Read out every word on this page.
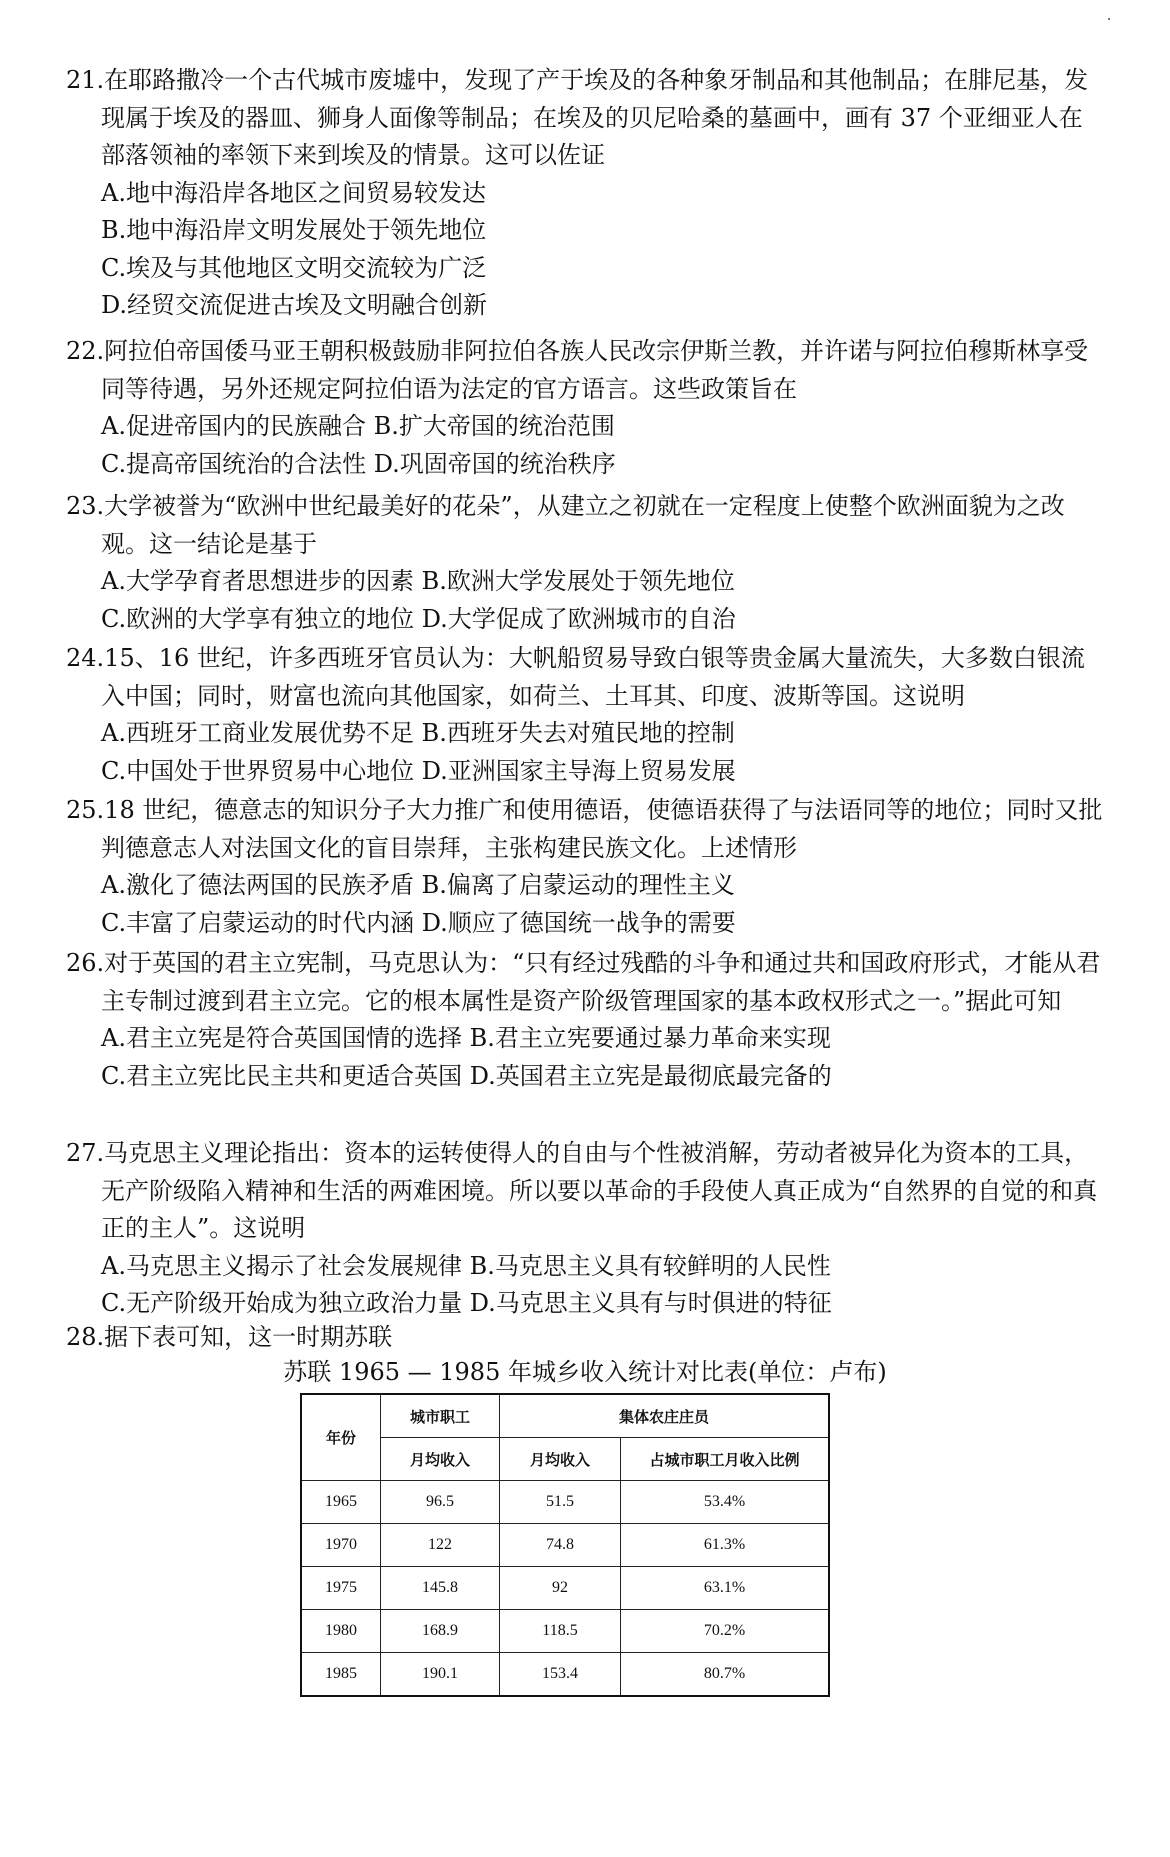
21.在耶路撒冷一个古代城市废墟中，发现了产于埃及的各种象牙制品和其他制品；在腓尼基，发现属于埃及的器皿、狮身人面像等制品；在埃及的贝尼哈桑的墓画中，画有 37 个亚细亚人在部落领袖的率领下来到埃及的情景。这可以佐证

A.地中海沿岸各地区之间贸易较发达

B.地中海沿岸文明发展处于领先地位

C.埃及与其他地区文明交流较为广泛

D.经贸交流促进古埃及文明融合创新

22.阿拉伯帝国倭马亚王朝积极鼓励非阿拉伯各族人民改宗伊斯兰教，并许诺与阿拉伯穆斯林享受同等待遇，另外还规定阿拉伯语为法定的官方语言。这些政策旨在

A.促进帝国内的民族融合 B.扩大帝国的统治范围

C.提高帝国统治的合法性 D.巩固帝国的统治秩序

23.大学被誉为“欧洲中世纪最美好的花朵”，从建立之初就在一定程度上使整个欧洲面貌为之改观。这一结论是基于

A.大学孕育者思想进步的因素 B.欧洲大学发展处于领先地位

C.欧洲的大学享有独立的地位 D.大学促成了欧洲城市的自治

24.15、16 世纪，许多西班牙官员认为：大帆船贸易导致白银等贵金属大量流失，大多数白银流入中国；同时，财富也流向其他国家，如荷兰、土耳其、印度、波斯等国。这说明

A.西班牙工商业发展优势不足 B.西班牙失去对殖民地的控制

C.中国处于世界贸易中心地位 D.亚洲国家主导海上贸易发展

25.18 世纪，德意志的知识分子大力推广和使用德语，使德语获得了与法语同等的地位；同时又批判德意志人对法国文化的盲目崇拜，主张构建民族文化。上述情形

A.激化了德法两国的民族矛盾 B.偏离了启蒙运动的理性主义

C.丰富了启蒙运动的时代内涵 D.顺应了德国统一战争的需要

26.对于英国的君主立宪制，马克思认为：“只有经过残酷的斗争和通过共和国政府形式，才能从君主专制过渡到君主立完。它的根本属性是资产阶级管理国家的基本政权形式之一。”据此可知

A.君主立宪是符合英国国情的选择 B.君主立宪要通过暴力革命来实现

C.君主立宪比民主共和更适合英国 D.英国君主立宪是最彻底最完备的

27.马克思主义理论指出：资本的运转使得人的自由与个性被消解，劳动者被异化为资本的工具，无产阶级陷入精神和生活的两难困境。所以要以革命的手段使人真正成为“自然界的自觉的和真正的主人”。这说明

A.马克思主义揭示了社会发展规律 B.马克思主义具有较鲜明的人民性

C.无产阶级开始成为独立政治力量 D.马克思主义具有与时俱进的特征

28.据下表可知，这一时期苏联

苏联 1965 — 1985 年城乡收入统计对比表(单位：卢布)
年份	城市职工	集体农庄庄员	
	月均收入	月均收入	占城市职工月收入比例
1965	96.5	51.5	53.4%
1970	122	74.8	61.3%
1975	145.8	92	63.1%
1980	168.9	118.5	70.2%
1985	190.1	153.4	80.7%
